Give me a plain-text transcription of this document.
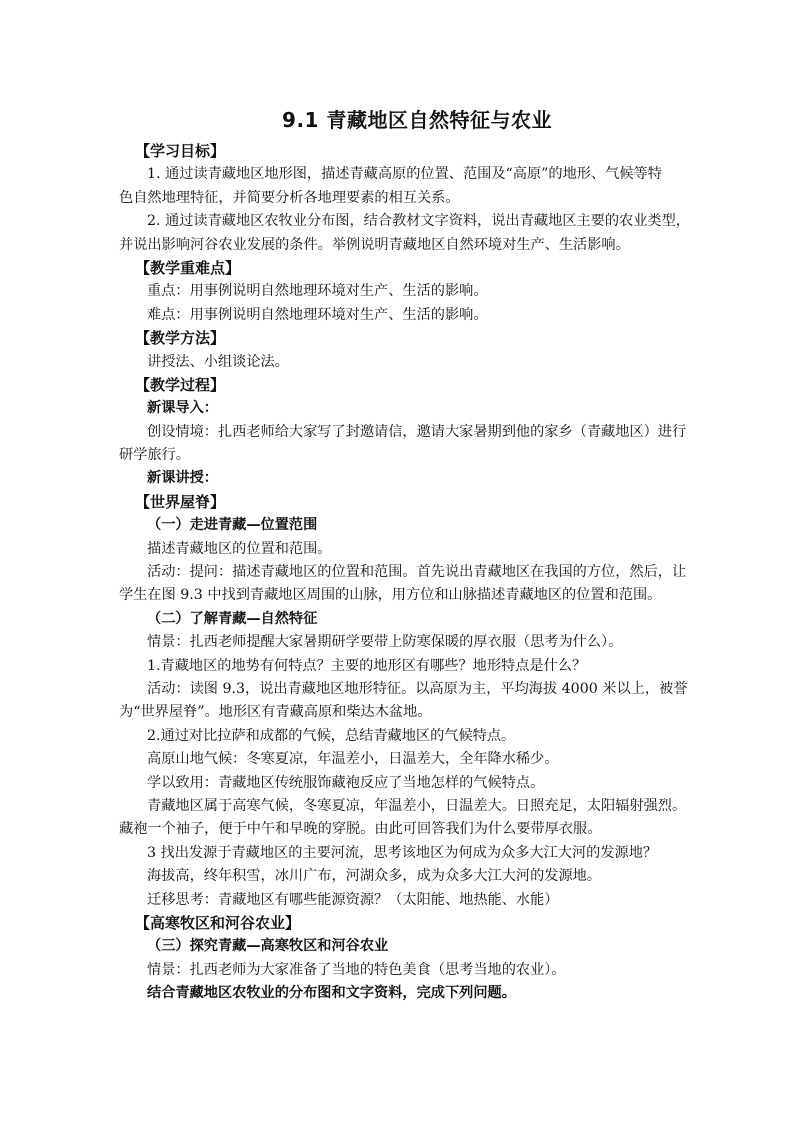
9.1 青藏地区自然特征与农业
【学习目标】
1. 通过读青藏地区地形图，描述青藏高原的位置、范围及“高原”的地形、气候等特
色自然地理特征，并简要分析各地理要素的相互关系。
2. 通过读青藏地区农牧业分布图，结合教材文字资料，说出青藏地区主要的农业类型，
并说出影响河谷农业发展的条件。举例说明青藏地区自然环境对生产、生活影响。
【教学重难点】
重点：用事例说明自然地理环境对生产、生活的影响。
难点：用事例说明自然地理环境对生产、生活的影响。
【教学方法】
讲授法、小组谈论法。
【教学过程】
新课导入：
创设情境：扎西老师给大家写了封邀请信，邀请大家暑期到他的家乡（青藏地区）进行
研学旅行。
新课讲授：
【世界屋脊】
（一）走进青藏—位置范围
描述青藏地区的位置和范围。
活动：提问：描述青藏地区的位置和范围。首先说出青藏地区在我国的方位，然后，让
学生在图 9.3 中找到青藏地区周围的山脉，用方位和山脉描述青藏地区的位置和范围。
（二）了解青藏—自然特征
情景：扎西老师提醒大家暑期研学要带上防寒保暖的厚衣服（思考为什么）。
1.青藏地区的地势有何特点？主要的地形区有哪些？地形特点是什么？
活动：读图 9.3，说出青藏地区地形特征。以高原为主，平均海拔 4000 米以上，被誉
为“世界屋脊”。地形区有青藏高原和柴达木盆地。
2.通过对比拉萨和成都的气候，总结青藏地区的气候特点。
高原山地气候：冬寒夏凉，年温差小，日温差大，全年降水稀少。
学以致用：青藏地区传统服饰藏袍反应了当地怎样的气候特点。
青藏地区属于高寒气候，冬寒夏凉，年温差小，日温差大。日照充足，太阳辐射强烈。
藏袍一个袖子，便于中午和早晚的穿脱。由此可回答我们为什么要带厚衣服。
3 找出发源于青藏地区的主要河流，思考该地区为何成为众多大江大河的发源地？
海拔高，终年积雪，冰川广布，河湖众多，成为众多大江大河的发源地。
迁移思考：青藏地区有哪些能源资源？（太阳能、地热能、水能）
【高寒牧区和河谷农业】
（三）探究青藏—高寒牧区和河谷农业
情景：扎西老师为大家准备了当地的特色美食（思考当地的农业）。
结合青藏地区农牧业的分布图和文字资料，完成下列问题。
